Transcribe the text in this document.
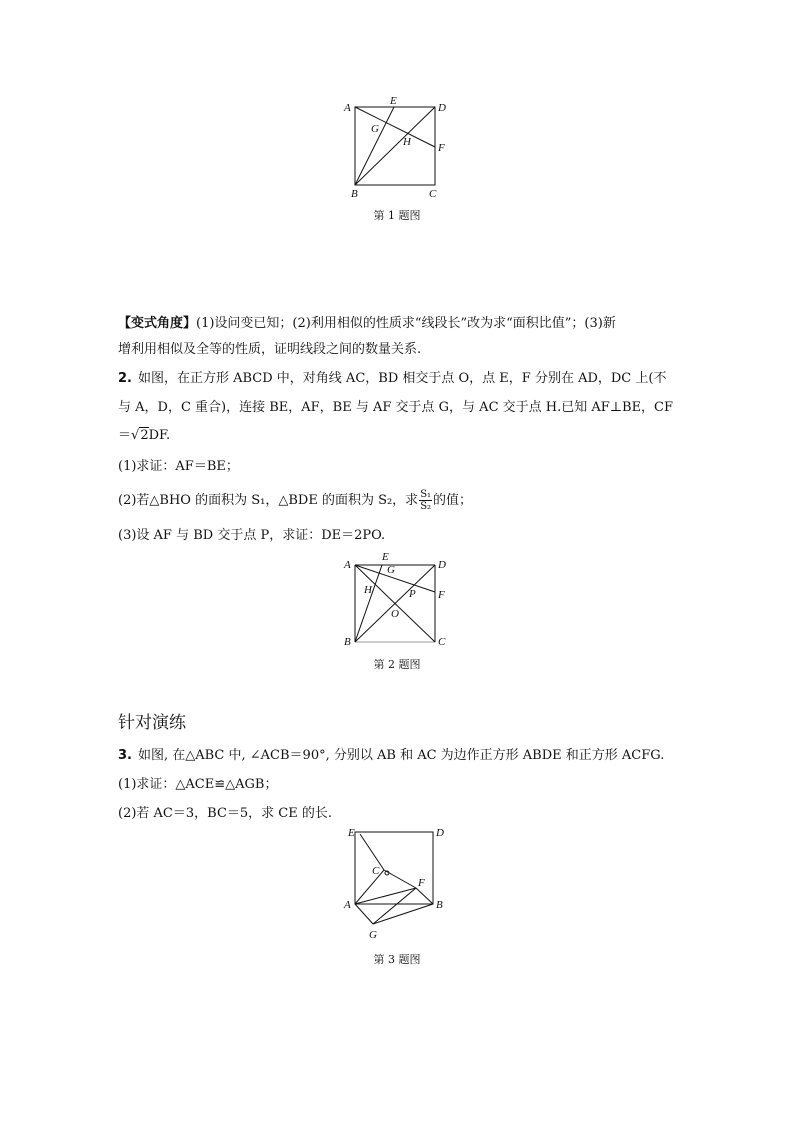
A
E
D
G
H F
B	C
第 1 题图
【变式角度】(1)设问变已知；(2)利用相似的性质求“线段长”改为求“面积比值”；(3)新
增利用相似及全等的性质，证明线段之间的数量关系.
2. 如图，在正方形 ABCD 中，对角线 AC，BD 相交于点 O，点 E，F 分别在 AD，DC 上(不
与 A，D，C 重合)，连接 BE，AF，BE 与 AF 交于点 G，与 AC 交于点 H.已知 AF⊥BE，CF
＝√2DF.
(1)求证：AF＝BE；
(2)若△BHO 的面积为 S₁，△BDE 的面积为 S₂，求 $\frac{\text{S₁}}{\text{S₂}}$ 的值；
(3)设 AF 与 BD 交于点 P，求证：DE＝2PO.
A
E
G	D
H	P F
O
B	C
第 2 题图
针对演练
3. 如图, 在△ABC 中, ∠ACB＝90°, 分别以 AB 和 AC 为边作正方形 ABDE 和正方形 ACFG.
(1)求证：△ACE≌△AGB；
(2)若 AC＝3，BC＝5，求 CE 的长.
E	D
C
F
A	B
G
第 3 题图
